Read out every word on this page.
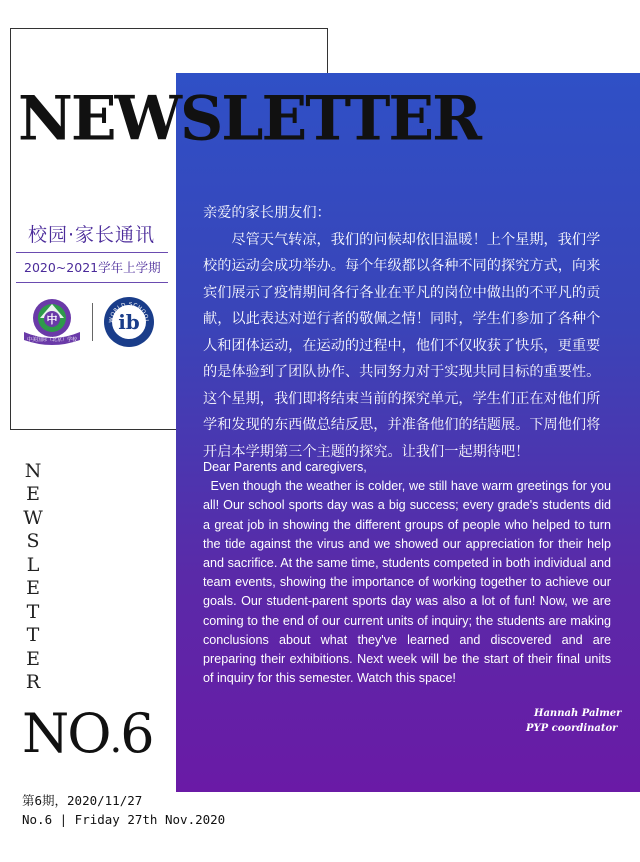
NEWSLETTER
校园·家长通讯
2020~2021学年上学期
中
中美国际（北京）学校
WORLD SCHOOL
ib
N
E
W
S
L
E
T
T
E
R
NO.6
第6期，2020/11/27
No.6 | Friday 27th Nov.2020

亲爱的家长朋友们：

尽管天气转凉，我们的问候却依旧温暖！上个星期，我们学校的运动会成功举办。每个年级都以各种不同的探究方式，向来宾们展示了疫情期间各行各业在平凡的岗位中做出的不平凡的贡献，以此表达对逆行者的敬佩之情！同时，学生们参加了各种个人和团体运动，在运动的过程中，他们不仅收获了快乐，更重要的是体验到了团队协作、共同努力对于实现共同目标的重要性。这个星期，我们即将结束当前的探究单元，学生们正在对他们所学和发现的东西做总结反思，并准备他们的结题展。下周他们将开启本学期第三个主题的探究。让我们一起期待吧！

Dear Parents and caregivers,

Even though the weather is colder, we still have warm greetings for you all! Our school sports day was a big success; every grade's students did a great job in showing the different groups of people who helped to turn the tide against the virus and we showed our appreciation for their help and sacrifice. At the same time, students competed in both individual and team events, showing the importance of working together to achieve our goals. Our student-parent sports day was also a lot of fun! Now, we are coming to the end of our current units of inquiry; the students are making conclusions about what they've learned and discovered and are preparing their exhibitions. Next week will be the start of their final units of inquiry for this semester. Watch this space!

Hannah Palmer
PYP coordinator
